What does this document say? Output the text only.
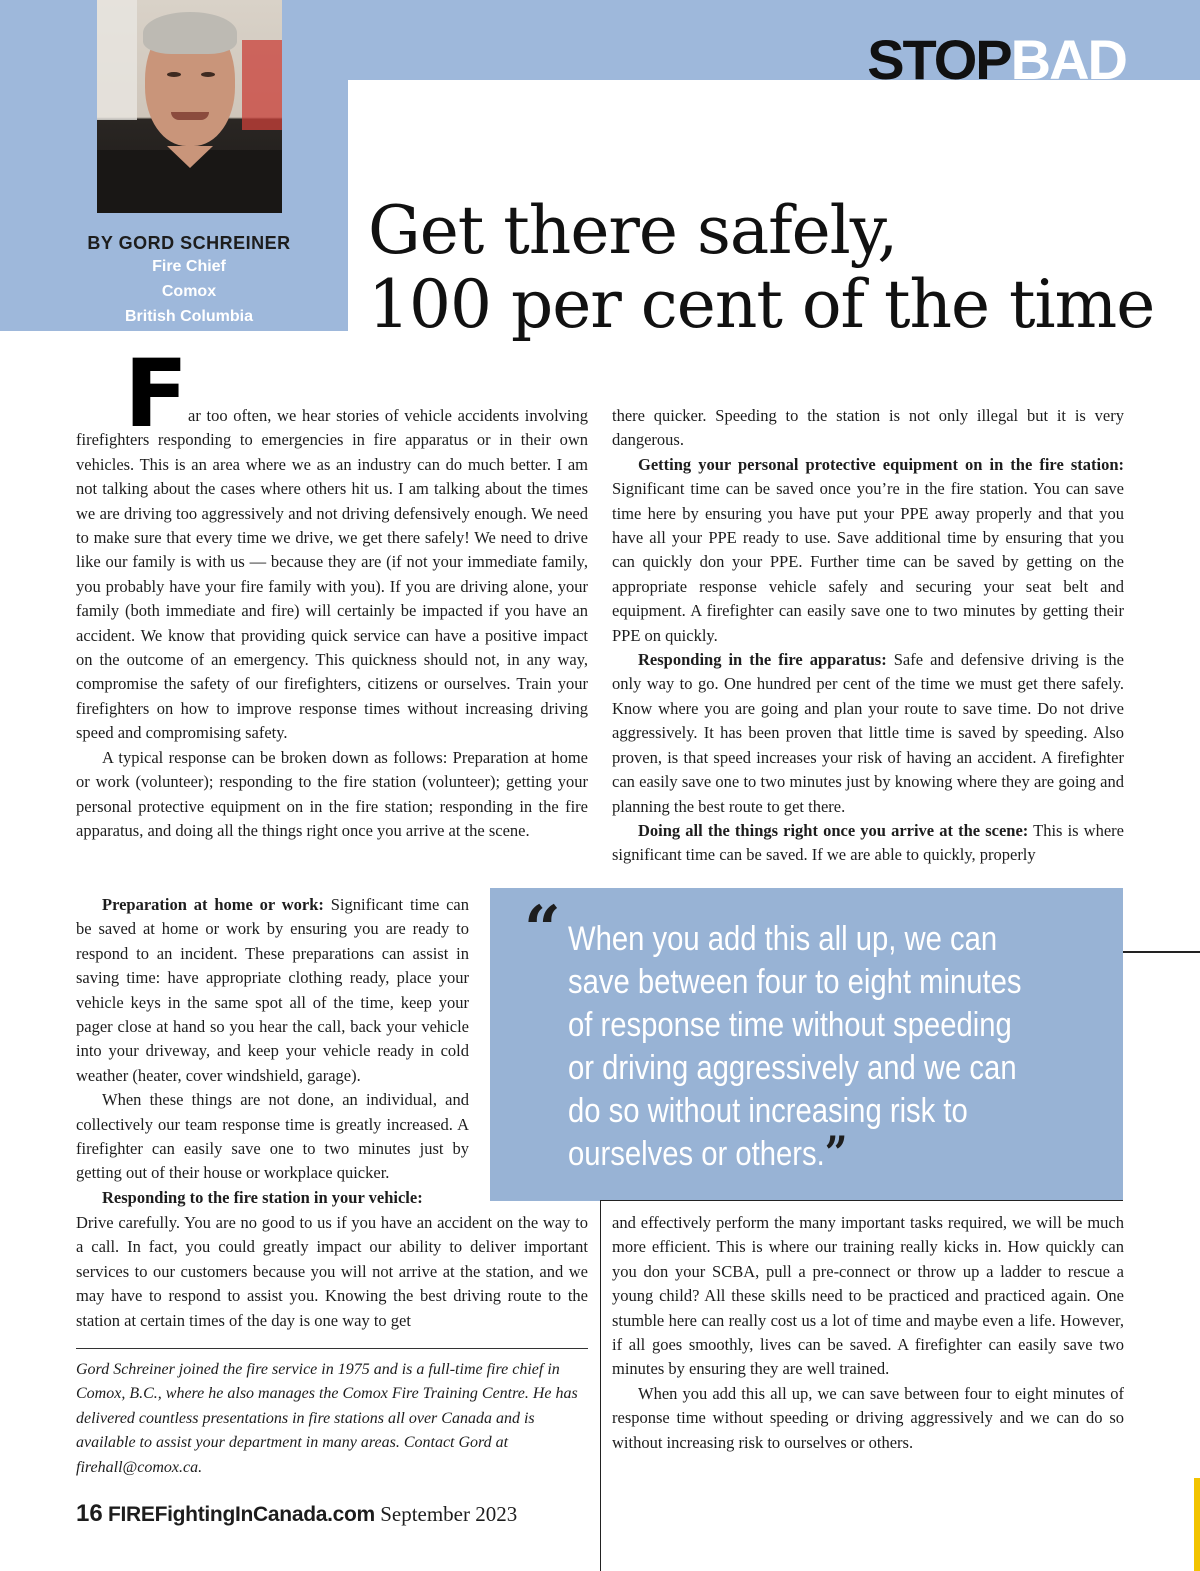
BY GORD SCHREINER
Fire Chief
Comox
British Columbia
STOPBAD
Get there safely,
100 per cent of the time
F ar too often, we hear stories of vehicle accidents involving firefighters responding to emergencies in fire apparatus or in their own vehicles. This is an area where we as an industry can do much better. I am not talking about the cases where others hit us. I am talking about the times we are driving too aggressively and not driving defensively enough. We need to make sure that every time we drive, we get there safely! We need to drive like our family is with us — because they are (if not your immediate family, you probably have your fire family with you). If you are driving alone, your family (both immediate and fire) will certainly be impacted if you have an accident. We know that providing quick service can have a positive impact on the outcome of an emergency. This quickness should not, in any way, compromise the safety of our firefighters, citizens or ourselves. Train your firefighters on how to improve response times without increasing driving speed and compromising safety.

A typical response can be broken down as follows: Preparation at home or work (volunteer); responding to the fire station (volunteer); getting your personal protective equipment on in the fire station; responding in the fire apparatus, and doing all the things right once you arrive at the scene.

Preparation at home or work: Significant time can be saved at home or work by ensuring you are ready to respond to an incident. These preparations can assist in saving time: have appropriate clothing ready, place your vehicle keys in the same spot all of the time, keep your pager close at hand so you hear the call, back your vehicle into your driveway, and keep your vehicle ready in cold weather (heater, cover windshield, garage).

When these things are not done, an individual, and collectively our team response time is greatly increased. A firefighter can easily save one to two minutes just by getting out of their house or workplace quicker.

Responding to the fire station in your vehicle:

Drive carefully. You are no good to us if you have an accident on the way to a call. In fact, you could greatly impact our ability to deliver important services to our customers because you will not arrive at the station, and we may have to respond to assist you. Knowing the best driving route to the station at certain times of the day is one way to get

there quicker. Speeding to the station is not only illegal but it is very dangerous.

Getting your personal protective equipment on in the fire station: Significant time can be saved once you’re in the fire station. You can save time here by ensuring you have put your PPE away properly and that you have all your PPE ready to use. Save additional time by ensuring that you can quickly don your PPE. Further time can be saved by getting on the appropriate response vehicle safely and securing your seat belt and equipment. A firefighter can easily save one to two minutes by getting their PPE on quickly.

Responding in the fire apparatus: Safe and defensive driving is the only way to go. One hundred per cent of the time we must get there safely. Know where you are going and plan your route to save time. Do not drive aggressively. It has been proven that little time is saved by speeding. Also proven, is that speed increases your risk of having an accident. A firefighter can easily save one to two minutes just by knowing where they are going and planning the best route to get there.

Doing all the things right once you arrive at the scene: This is where significant time can be saved. If we are able to quickly, properly

“ When you add this all up, we can
save between four to eight minutes
of response time without speeding
or driving aggressively and we can
do so without increasing risk to
ourselves or others.”

and effectively perform the many important tasks required, we will be much more efficient. This is where our training really kicks in. How quickly can you don your SCBA, pull a pre-connect or throw up a ladder to rescue a young child? All these skills need to be practiced and practiced again. One stumble here can really cost us a lot of time and maybe even a life. However, if all goes smoothly, lives can be saved. A firefighter can easily save two minutes by ensuring they are well trained.

When you add this all up, we can save between four to eight minutes of response time without speeding or driving aggressively and we can do so without increasing risk to ourselves or others.

Gord Schreiner joined the fire service in 1975 and is a full-time fire chief in Comox, B.C., where he also manages the Comox Fire Training Centre. He has delivered countless presentations in fire stations all over Canada and is available to assist your department in many areas. Contact Gord at firehall@comox.ca.
16 FIREFightingInCanada.com September 2023
